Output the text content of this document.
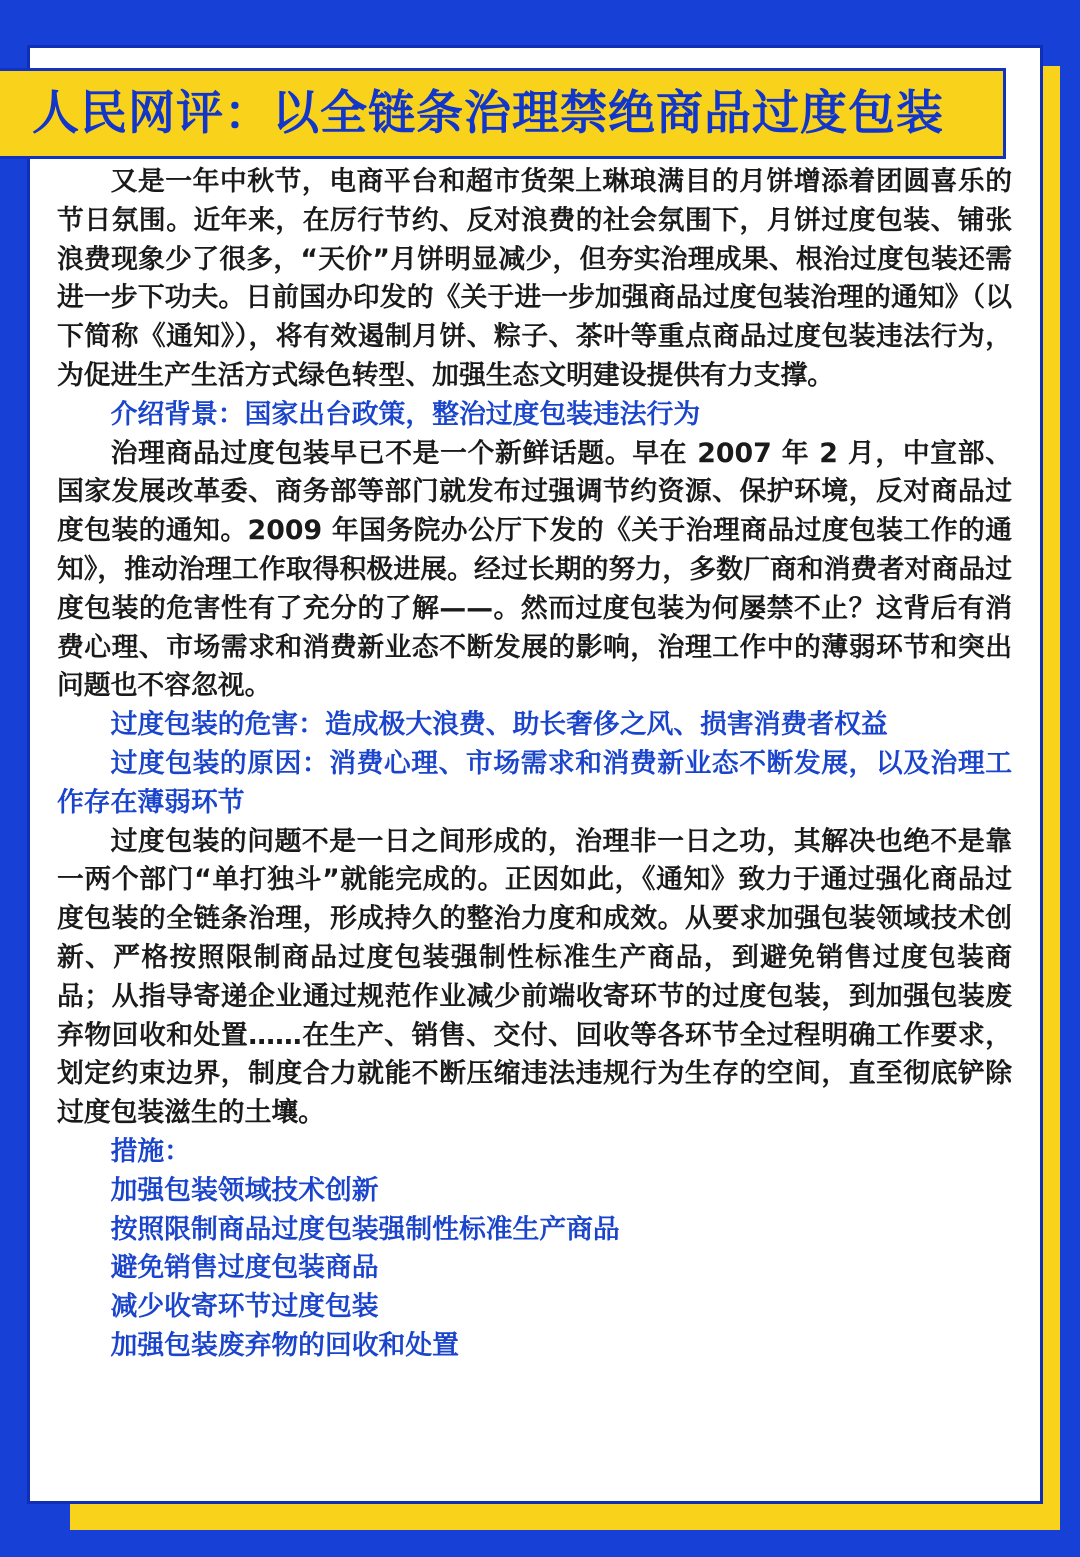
人民网评：以全链条治理禁绝商品过度包装

又是一年中秋节，电商平台和超市货架上琳琅满目的月饼增添着团圆喜乐的节日氛围。近年来，在厉行节约、反对浪费的社会氛围下，月饼过度包装、铺张浪费现象少了很多，“天价”月饼明显减少，但夯实治理成果、根治过度包装还需进一步下功夫。日前国办印发的《关于进一步加强商品过度包装治理的通知》（以下简称《通知》），将有效遏制月饼、粽子、茶叶等重点商品过度包装违法行为，为促进生产生活方式绿色转型、加强生态文明建设提供有力支撑。

介绍背景：国家出台政策，整治过度包装违法行为

治理商品过度包装早已不是一个新鲜话题。早在 2007 年 2 月，中宣部、国家发展改革委、商务部等部门就发布过强调节约资源、保护环境，反对商品过度包装的通知。2009 年国务院办公厅下发的《关于治理商品过度包装工作的通知》，推动治理工作取得积极进展。经过长期的努力，多数厂商和消费者对商品过度包装的危害性有了充分的了解——。然而过度包装为何屡禁不止？这背后有消费心理、市场需求和消费新业态不断发展的影响，治理工作中的薄弱环节和突出问题也不容忽视。

过度包装的危害：造成极大浪费、助长奢侈之风、损害消费者权益

过度包装的原因：消费心理、市场需求和消费新业态不断发展，以及治理工作存在薄弱环节

过度包装的问题不是一日之间形成的，治理非一日之功，其解决也绝不是靠一两个部门“单打独斗”就能完成的。正因如此，《通知》致力于通过强化商品过度包装的全链条治理，形成持久的整治力度和成效。从要求加强包装领域技术创新、严格按照限制商品过度包装强制性标准生产商品，到避免销售过度包装商品；从指导寄递企业通过规范作业减少前端收寄环节的过度包装，到加强包装废弃物回收和处置……在生产、销售、交付、回收等各环节全过程明确工作要求，划定约束边界，制度合力就能不断压缩违法违规行为生存的空间，直至彻底铲除过度包装滋生的土壤。

措施：

加强包装领域技术创新

按照限制商品过度包装强制性标准生产商品

避免销售过度包装商品

减少收寄环节过度包装

加强包装废弃物的回收和处置
